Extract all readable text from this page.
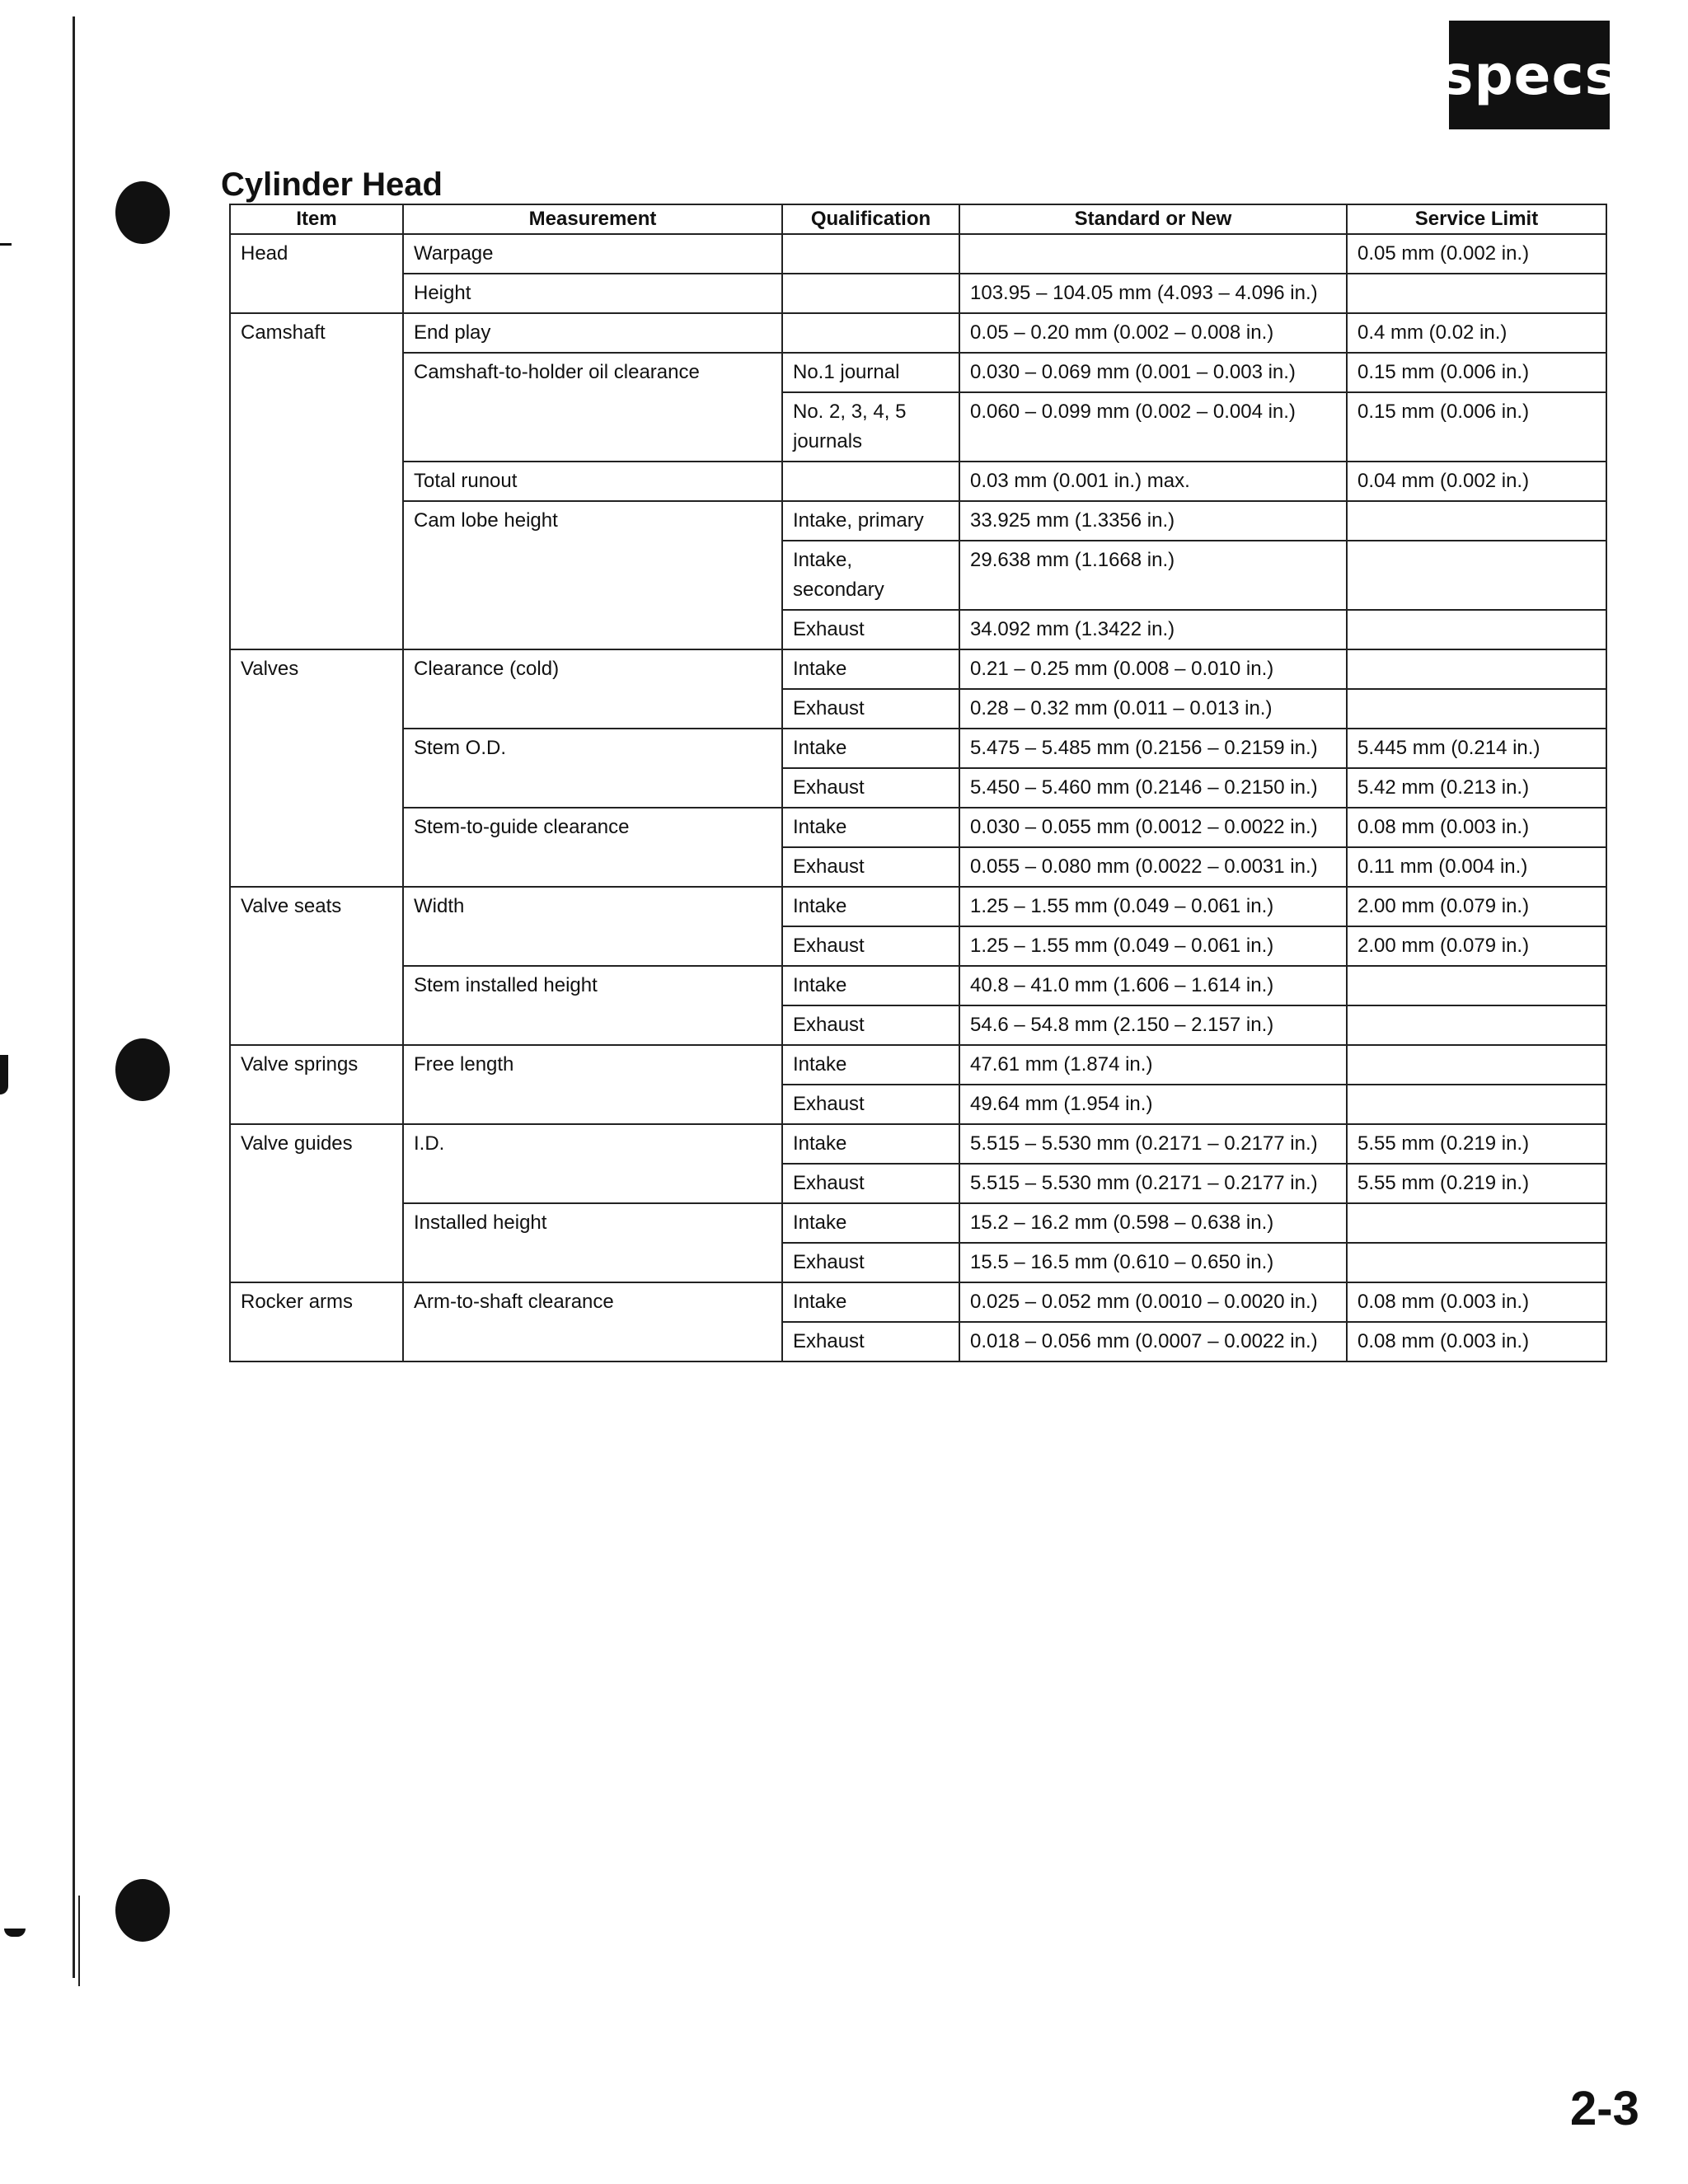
specs
Cylinder Head
Item	Measurement	Qualification	Standard or New	Service Limit
Head	Warpage			0.05 mm (0.002 in.)
	Height		103.95 – 104.05 mm (4.093 – 4.096 in.)	
Camshaft	End play		0.05 – 0.20 mm (0.002 – 0.008 in.)	0.4 mm (0.02 in.)
	Camshaft-to-holder oil clearance	No.1 journal	0.030 – 0.069 mm (0.001 – 0.003 in.)	0.15 mm (0.006 in.)
		No. 2, 3, 4, 5 journals	0.060 – 0.099 mm (0.002 – 0.004 in.)	0.15 mm (0.006 in.)
	Total runout		0.03 mm (0.001 in.) max.	0.04 mm (0.002 in.)
	Cam lobe height	Intake, primary	33.925 mm (1.3356 in.)	
		Intake, secondary	29.638 mm (1.1668 in.)	
		Exhaust	34.092 mm (1.3422 in.)	
Valves	Clearance (cold)	Intake	0.21 – 0.25 mm (0.008 – 0.010 in.)	
		Exhaust	0.28 – 0.32 mm (0.011 – 0.013 in.)	
	Stem O.D.	Intake	5.475 – 5.485 mm (0.2156 – 0.2159 in.)	5.445 mm (0.214 in.)
		Exhaust	5.450 – 5.460 mm (0.2146 – 0.2150 in.)	5.42 mm (0.213 in.)
	Stem-to-guide clearance	Intake	0.030 – 0.055 mm (0.0012 – 0.0022 in.)	0.08 mm (0.003 in.)
		Exhaust	0.055 – 0.080 mm (0.0022 – 0.0031 in.)	0.11 mm (0.004 in.)
Valve seats	Width	Intake	1.25 – 1.55 mm (0.049 – 0.061 in.)	2.00 mm (0.079 in.)
		Exhaust	1.25 – 1.55 mm (0.049 – 0.061 in.)	2.00 mm (0.079 in.)
	Stem installed height	Intake	40.8 – 41.0 mm (1.606 – 1.614 in.)	
		Exhaust	54.6 – 54.8 mm (2.150 – 2.157 in.)	
Valve springs	Free length	Intake	47.61 mm (1.874 in.)	
		Exhaust	49.64 mm (1.954 in.)	
Valve guides	I.D.	Intake	5.515 – 5.530 mm (0.2171 – 0.2177 in.)	5.55 mm (0.219 in.)
		Exhaust	5.515 – 5.530 mm (0.2171 – 0.2177 in.)	5.55 mm (0.219 in.)
	Installed height	Intake	15.2 – 16.2 mm (0.598 – 0.638 in.)	
		Exhaust	15.5 – 16.5 mm (0.610 – 0.650 in.)	
Rocker arms	Arm-to-shaft clearance	Intake	0.025 – 0.052 mm (0.0010 – 0.0020 in.)	0.08 mm (0.003 in.)
		Exhaust	0.018 – 0.056 mm (0.0007 – 0.0022 in.)	0.08 mm (0.003 in.)
2-3
